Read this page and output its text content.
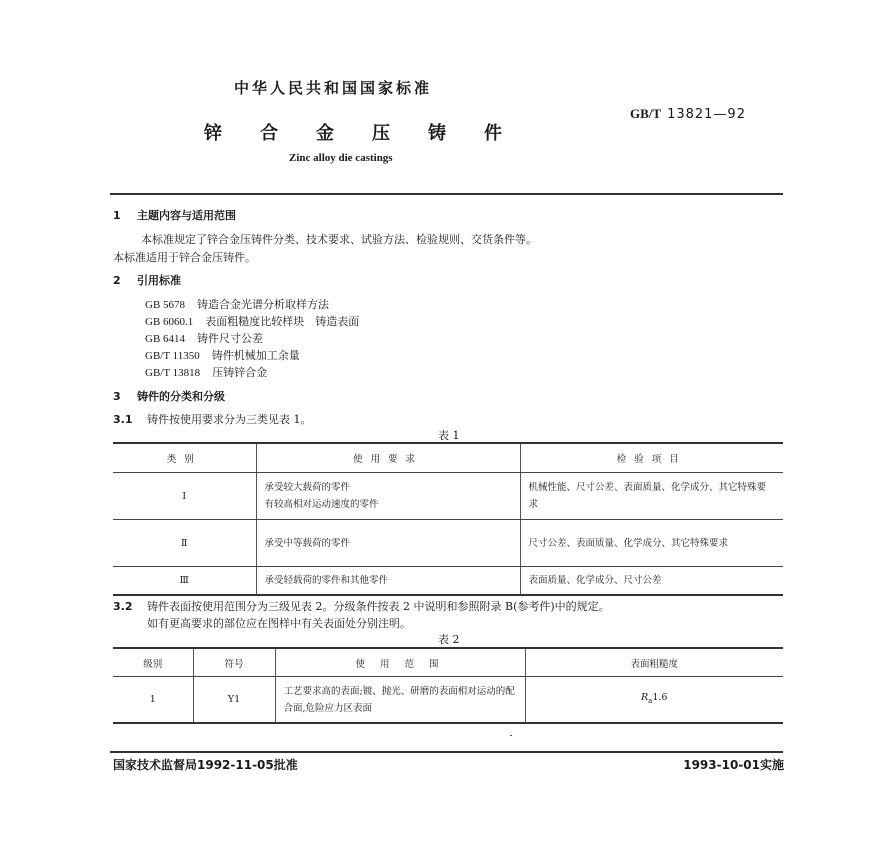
中华人民共和国国家标准
GB/T 13821—92
锌 合 金 压 铸 件
Zinc alloy die castings
1 主题内容与适用范围
本标准规定了锌合金压铸件分类、技术要求、试验方法、检验规则、交货条件等。
本标准适用于锌合金压铸件。
2 引用标准
GB 5678 铸造合金光谱分析取样方法
GB 6060.1 表面粗糙度比较样块　铸造表面
GB 6414 铸件尺寸公差
GB/T 11350 铸件机械加工余量
GB/T 13818 压铸锌合金
3 铸件的分类和分级
3.1 铸件按使用要求分为三类见表 1。
表 1
类别	使用要求	检验项目
Ⅰ	承受较大载荷的零件
有较高相对运动速度的零件	机械性能、尺寸公差、表面质量、化学成分、其它特殊要求
Ⅱ	承受中等载荷的零件	尺寸公差、表面质量、化学成分、其它特殊要求
Ⅲ	承受轻载荷的零件和其他零件	表面质量、化学成分、尺寸公差
3.2 铸件表面按使用范围分为三级见表 2。分级条件按表 2 中说明和参照附录 B(参考件)中的规定。
如有更高要求的部位应在图样中有关表面处分别注明。
表 2
级别	符号	使 用 范 围	表面粗糙度
1	Y1	工艺要求高的表面;镀、抛光、研磨的表面相对运动的配合面,危险应力区表面	$R_a1.6$
国家技术监督局1992-11-05批准	1993-10-01实施
